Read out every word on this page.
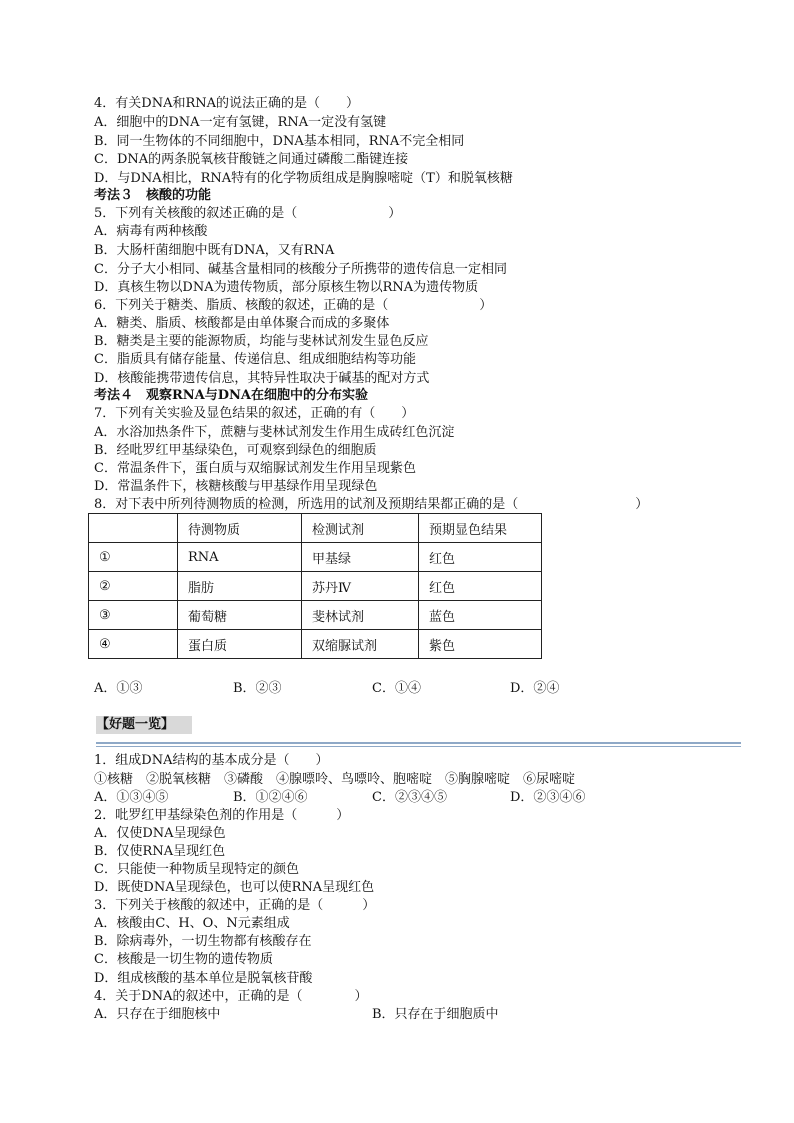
4．有关DNA和RNA的说法正确的是（　　）
A．细胞中的DNA一定有氢键，RNA一定没有氢键
B．同一生物体的不同细胞中，DNA基本相同，RNA不完全相同
C．DNA的两条脱氧核苷酸链之间通过磷酸二酯键连接
D．与DNA相比，RNA特有的化学物质组成是胸腺嘧啶（T）和脱氧核糖
考法３　核酸的功能
5．下列有关核酸的叙述正确的是（　　　　　　　）
A．病毒有两种核酸
B．大肠杆菌细胞中既有DNA，又有RNA
C．分子大小相同、碱基含量相同的核酸分子所携带的遗传信息一定相同
D．真核生物以DNA为遗传物质，部分原核生物以RNA为遗传物质
6．下列关于糖类、脂质、核酸的叙述，正确的是（　　　　　　　）
A．糖类、脂质、核酸都是由单体聚合而成的多聚体
B．糖类是主要的能源物质，均能与斐林试剂发生显色反应
C．脂质具有储存能量、传递信息、组成细胞结构等功能
D．核酸能携带遗传信息，其特异性取决于碱基的配对方式
考法４　观察RNA与DNA在细胞中的分布实验
7．下列有关实验及显色结果的叙述，正确的有（　　）
A．水浴加热条件下，蔗糖与斐林试剂发生作用生成砖红色沉淀
B．经吡罗红甲基绿染色，可观察到绿色的细胞质
C．常温条件下，蛋白质与双缩脲试剂发生作用呈现紫色
D．常温条件下，核糖核酸与甲基绿作用呈现绿色
8．对下表中所列待测物质的检测，所选用的试剂及预期结果都正确的是（　　　　　　　　　）
	待测物质	检测试剂	预期显色结果
①	RNA	甲基绿	红色
②	脂肪	苏丹Ⅳ	红色
③	葡萄糖	斐林试剂	蓝色
④	蛋白质	双缩脲试剂	紫色
A．①③	B．②③	C．①④	D．②④
【好题一览】
1．组成DNA结构的基本成分是（　　）
①核糖　②脱氧核糖　③磷酸　④腺嘌呤、鸟嘌呤、胞嘧啶　⑤胸腺嘧啶　⑥尿嘧啶
A．①③④⑤	B．①②④⑥	C．②③④⑤	D．②③④⑥
2．吡罗红甲基绿染色剂的作用是（　　　）
A．仅使DNA呈现绿色
B．仅使RNA呈现红色
C．只能使一种物质呈现特定的颜色
D．既使DNA呈现绿色，也可以使RNA呈现红色
3．下列关于核酸的叙述中，正确的是（　　　）
A．核酸由C、H、O、N元素组成
B．除病毒外，一切生物都有核酸存在
C．核酸是一切生物的遗传物质
D．组成核酸的基本单位是脱氧核苷酸
4．关于DNA的叙述中，正确的是（　　　　）
A．只存在于细胞核中	B．只存在于细胞质中
